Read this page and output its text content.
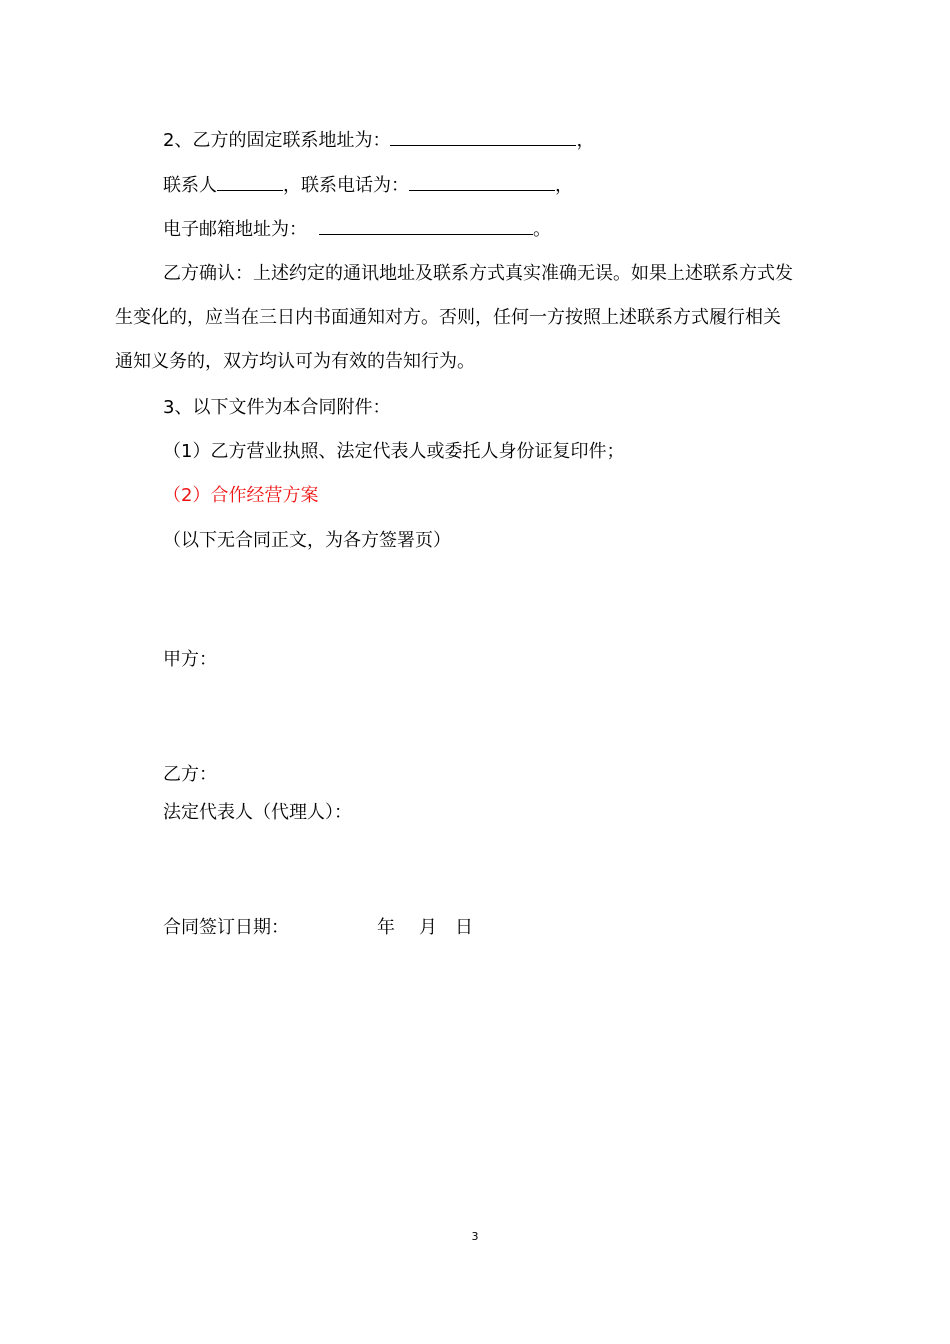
2、乙方的固定联系地址为：	，
联系人	，联系电话为：	，
电子邮箱地址为：	。
乙方确认：上述约定的通讯地址及联系方式真实准确无误。如果上述联系方式发
生变化的，应当在三日内书面通知对方。否则，任何一方按照上述联系方式履行相关
通知义务的，双方均认可为有效的告知行为。
3、以下文件为本合同附件：
（1）乙方营业执照、法定代表人或委托人身份证复印件；
（2）合作经营方案
（以下无合同正文，为各方签署页）
甲方：
乙方：
法定代表人（代理人）：
合同签订日期：	年 月 日
3
